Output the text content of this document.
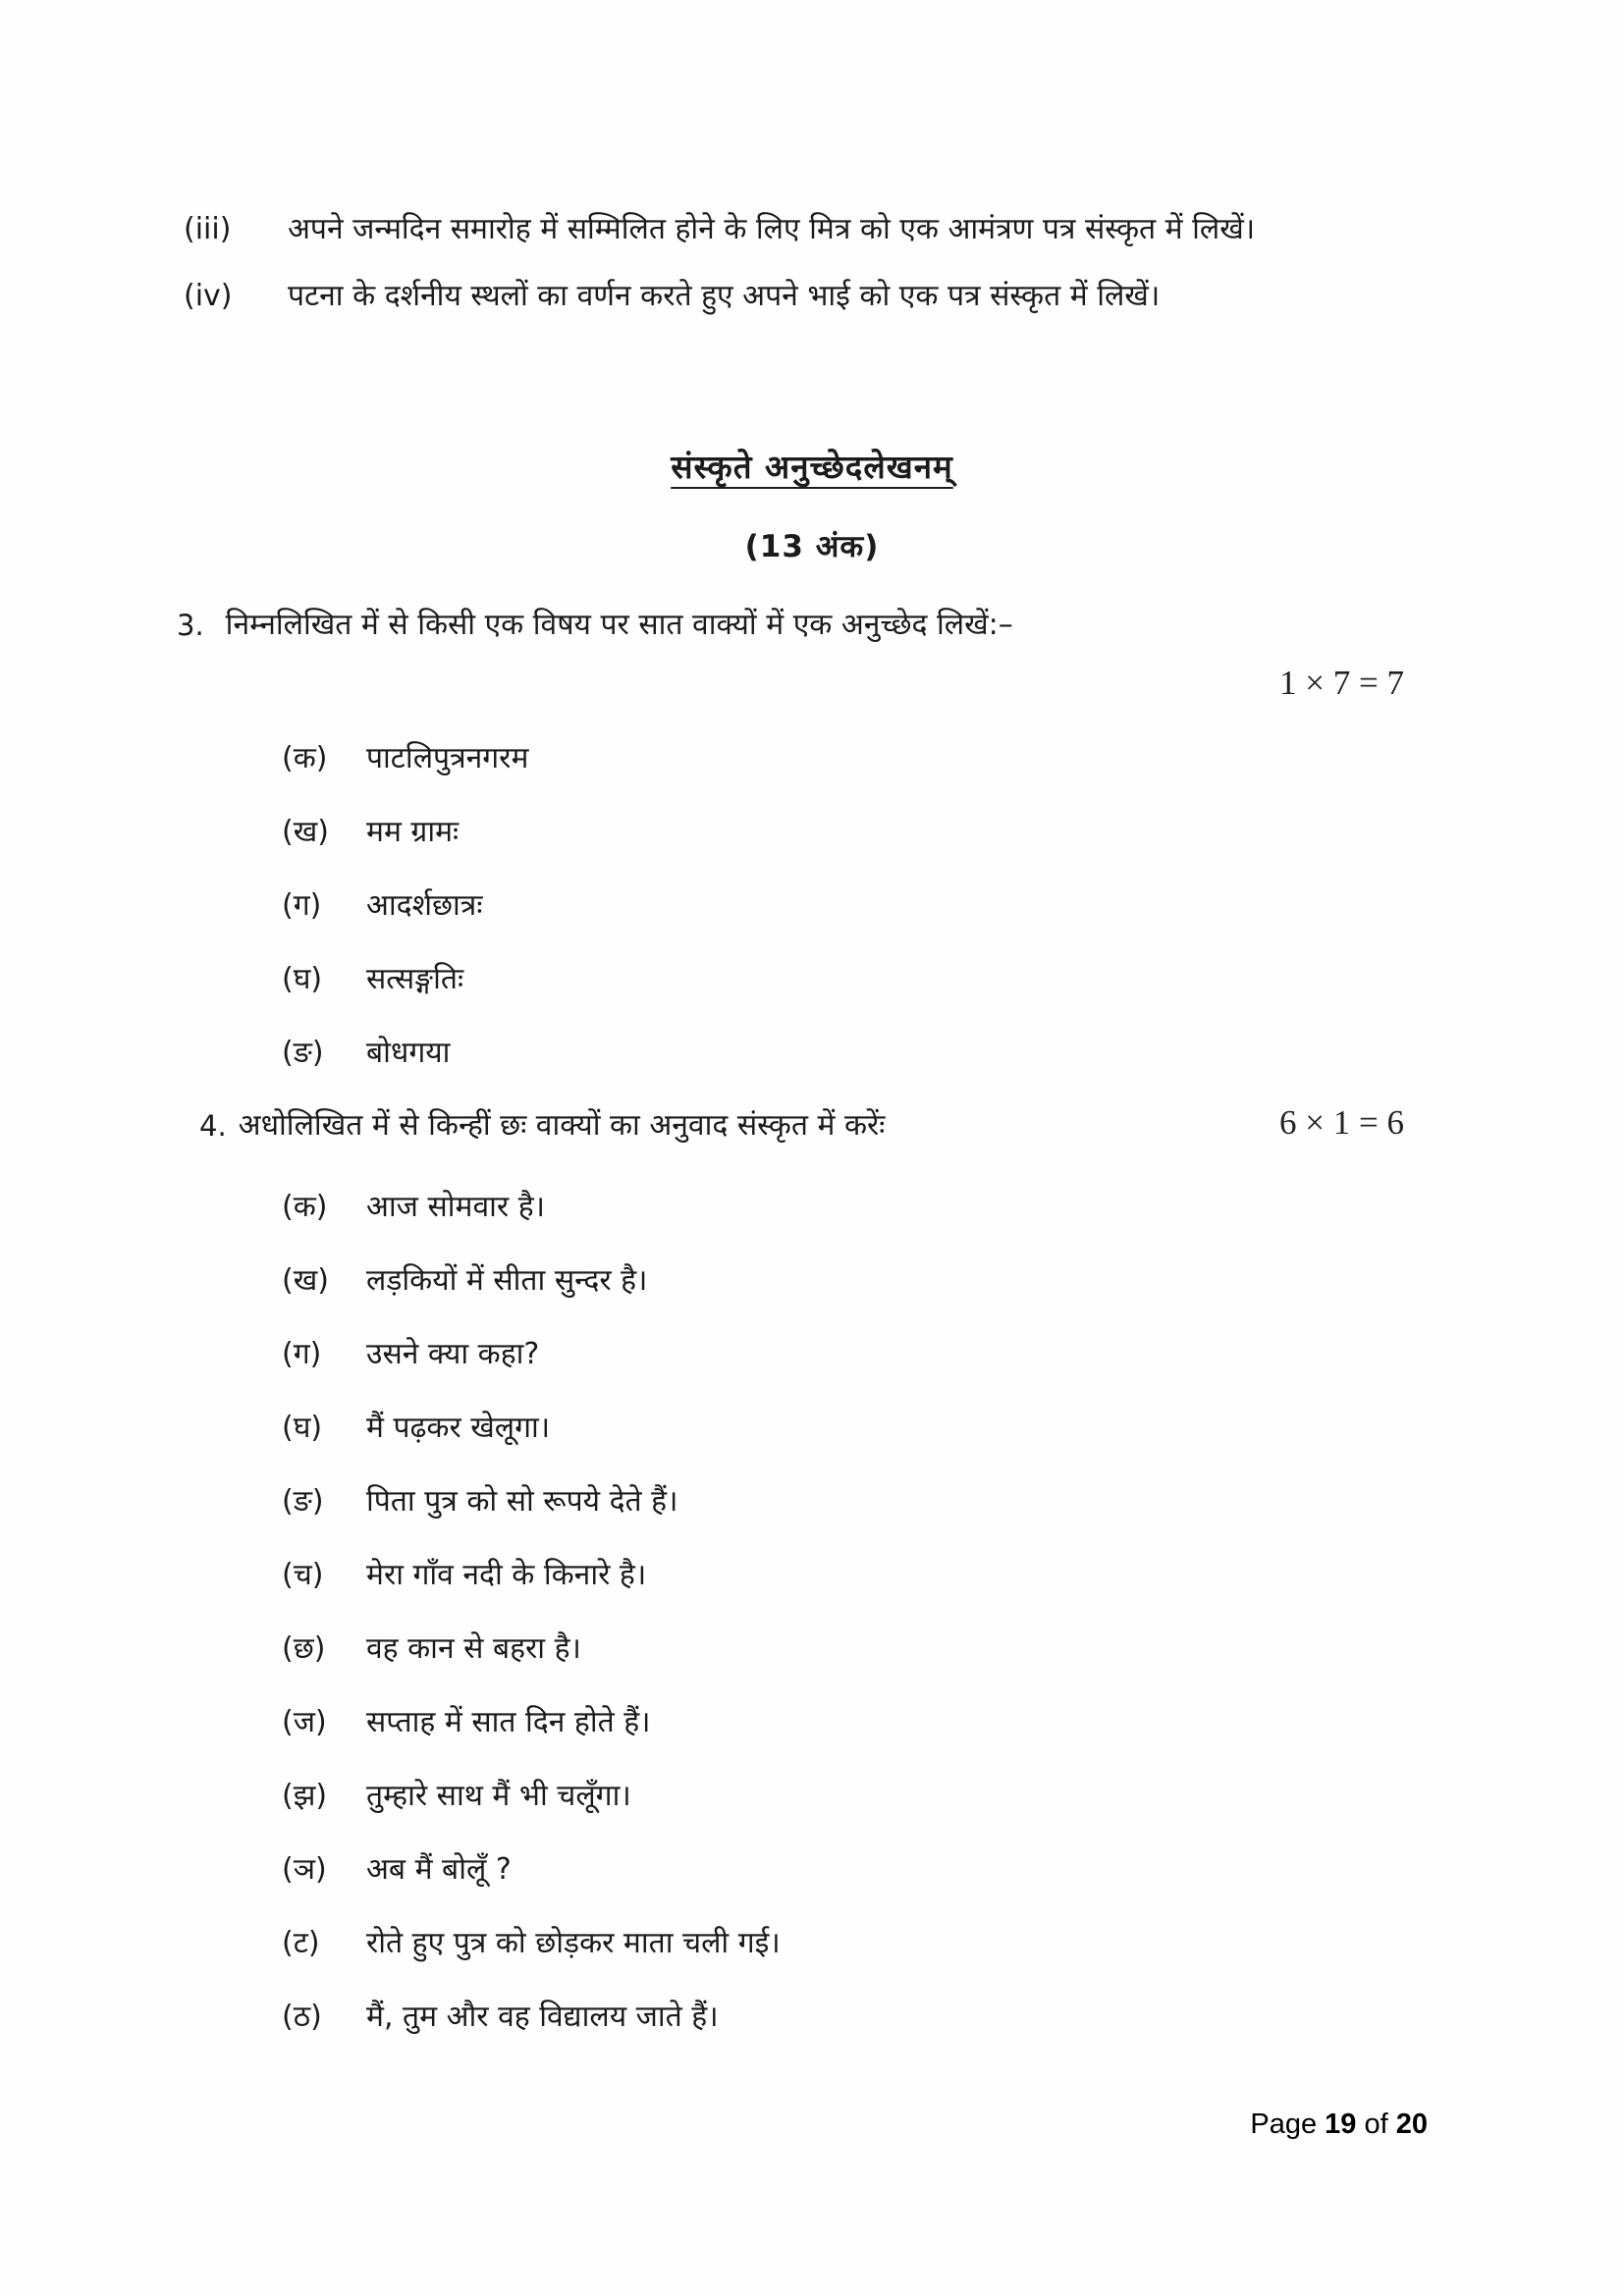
(iii)	अपने जन्मदिन समारोह में सम्मिलित होने के लिए मित्र को एक आमंत्रण पत्र संस्कृत में लिखें।
(iv)	पटना के दर्शनीय स्थलों का वर्णन करते हुए अपने भाई को एक पत्र संस्कृत में लिखें।
संस्कृते अनुच्छेदलेखनम्
(13 अंक)
3. निम्नलिखित में से किसी एक विषय पर सात वाक्यों में एक अनुच्छेद लिखें:–
1 × 7 = 7
(क)	पाटलिपुत्रनगरम
(ख)	मम ग्रामः
(ग)	आदर्शछात्रः
(घ)	सत्सङ्गतिः
(ङ)	बोधगया
4. अधोलिखित में से किन्हीं छः वाक्यों का अनुवाद संस्कृत में करेंः	6 × 1 = 6
(क)	आज सोमवार है।
(ख)	लड़कियों में सीता सुन्दर है।
(ग)	उसने क्या कहा?
(घ)	मैं पढ़कर खेलूगा।
(ङ)	पिता पुत्र को सो रूपये देते हैं।
(च)	मेरा गाँव नदी के किनारे है।
(छ)	वह कान से बहरा है।
(ज)	सप्ताह में सात दिन होते हैं।
(झ)	तुम्हारे साथ मैं भी चलूँगा।
(ञ)	अब मैं बोलूँ ?
(ट)	रोते हुए पुत्र को छोड़कर माता चली गई।
(ठ)	मैं, तुम और वह विद्यालय जाते हैं।
Page 19 of 20
